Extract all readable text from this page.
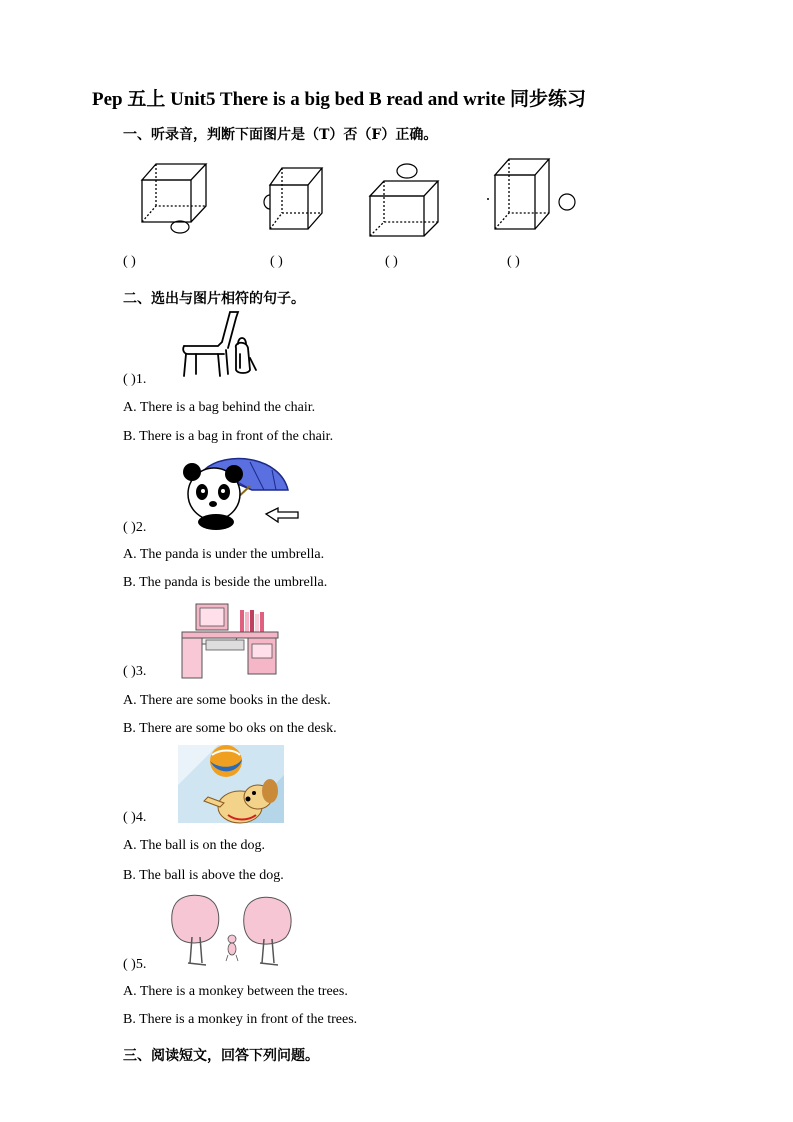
Pep 五上 Unit5 There is a big bed B read and write 同步练习
一、听录音，判断下面图片是（T）否（F）正确。
( )	( )	( )	( )
二、选出与图片相符的句子。
( )1.
A. There is a bag behind the chair.
B. There is a bag in front of the chair.
( )2.
A. The panda is under the umbrella.
B. The panda is beside the umbrella.
( )3.
A. There are some books in the desk.
B. There are some bo oks on the desk.
( )4.
A. The ball is on the dog.
B. The ball is above the dog.
( )5.
A. There is a monkey between the trees.
B. There is a monkey in front of the trees.
三、阅读短文，回答下列问题。
